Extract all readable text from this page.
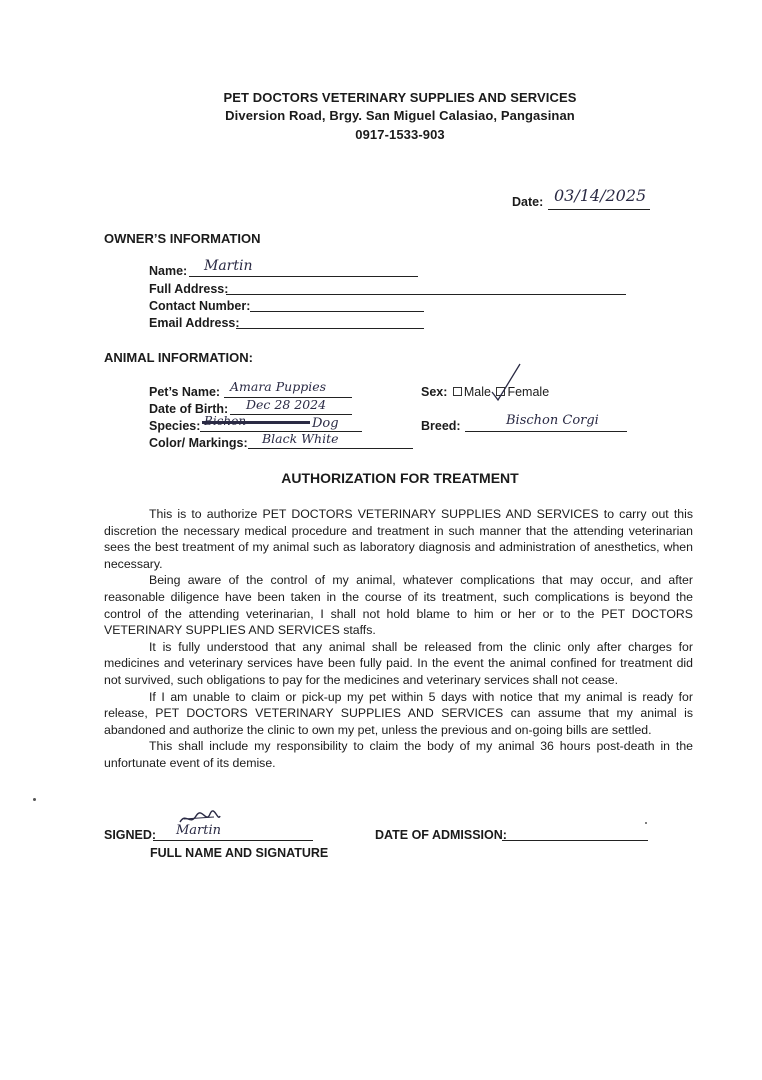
PET DOCTORS VETERINARY SUPPLIES AND SERVICES
Diversion Road, Brgy. San Miguel Calasiao, Pangasinan
0917-1533-903
Date: 03/14/2025
OWNER’S INFORMATION
Name: Martin
Full Address:
Contact Number:
Email Address:
ANIMAL INFORMATION:
Pet’s Name: Amara Puppies
Date of Birth: Dec 28 2024
Species: Bichon	Dog
Color/ Markings: Black White
Sex: Male Female
Breed:	Bischon Corgi
AUTHORIZATION FOR TREATMENT

This is to authorize PET DOCTORS VETERINARY SUPPLIES AND SERVICES to carry out this discretion the necessary medical procedure and treatment in such manner that the attending veterinarian sees the best treatment of my animal such as laboratory diagnosis and administration of anesthetics, when necessary.

Being aware of the control of my animal, whatever complications that may occur, and after reasonable diligence have been taken in the course of its treatment, such complications is beyond the control of the attending veterinarian, I shall not hold blame to him or her or to the PET DOCTORS VETERINARY SUPPLIES AND SERVICES staffs.

It is fully understood that any animal shall be released from the clinic only after charges for medicines and veterinary services have been fully paid. In the event the animal confined for treatment did not survived, such obligations to pay for the medicines and veterinary services shall not cease.

If I am unable to claim or pick-up my pet within 5 days with notice that my animal is ready for release, PET DOCTORS VETERINARY SUPPLIES AND SERVICES can assume that my animal is abandoned and authorize the clinic to own my pet, unless the previous and on-going bills are settled.

This shall include my responsibility to claim the body of my animal 36 hours post-death in the unfortunate event of its demise.

SIGNED: Martin
FULL NAME AND SIGNATURE
DATE OF ADMISSION:
